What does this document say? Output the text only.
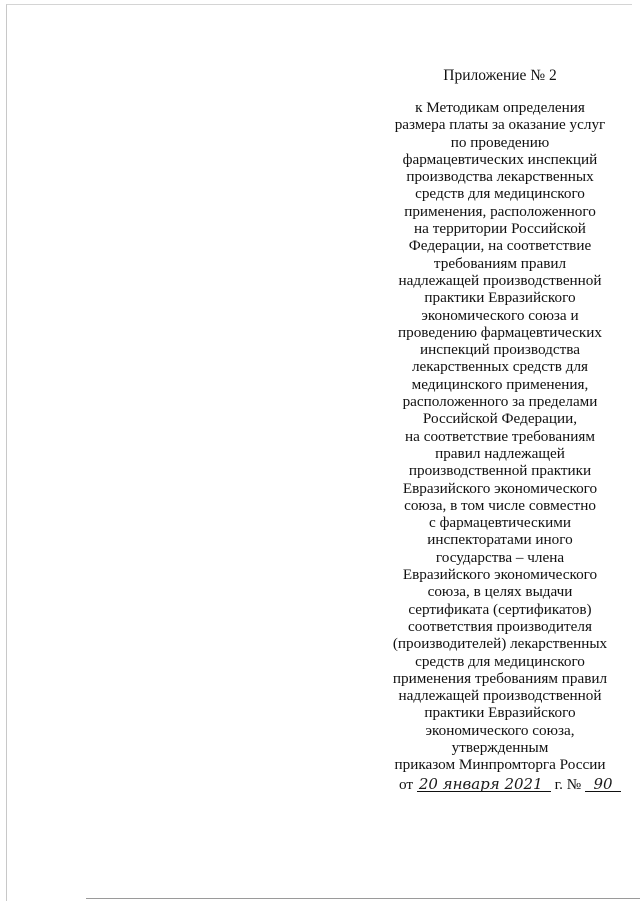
Приложение № 2
к Методикам определения
размера платы за оказание услуг
по проведению
фармацевтических инспекций
производства лекарственных
средств для медицинского
применения, расположенного
на территории Российской
Федерации, на соответствие
требованиям правил
надлежащей производственной
практики Евразийского
экономического союза и
проведению фармацевтических
инспекций производства
лекарственных средств для
медицинского применения,
расположенного за пределами
Российской Федерации,
на соответствие требованиям
правил надлежащей
производственной практики
Евразийского экономического
союза, в том числе совместно
с фармацевтическими
инспекторатами иного
государства – члена
Евразийского экономического
союза, в целях выдачи
сертификата (сертификатов)
соответствия производителя
(производителей) лекарственных
средств для медицинского
применения требованиям правил
надлежащей производственной
практики Евразийского
экономического союза,
утвержденным
приказом Минпромторга России
от 20 января 2021 г. № 90
